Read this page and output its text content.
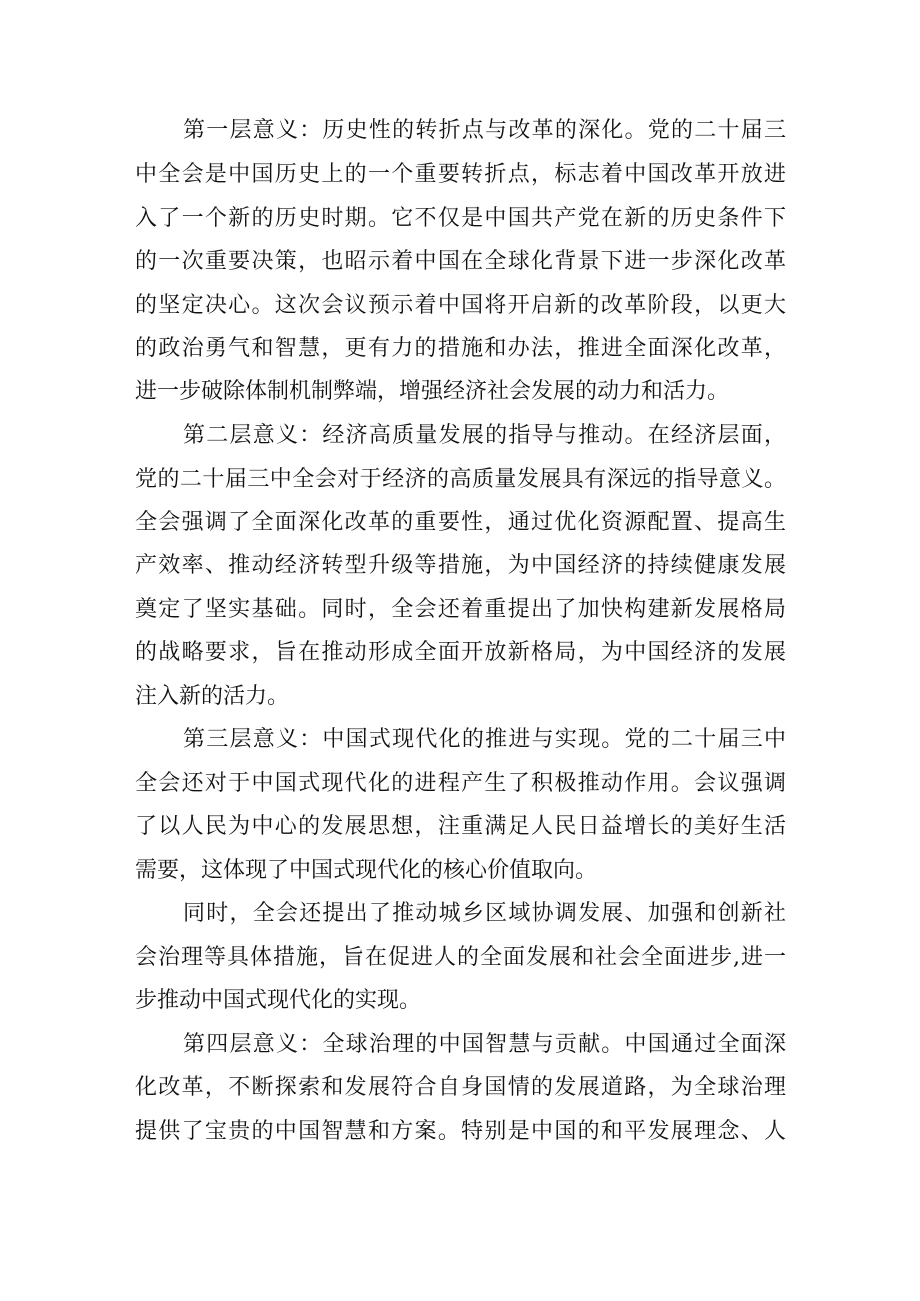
第一层意义：历史性的转折点与改革的深化。党的二十届三
中全会是中国历史上的一个重要转折点，标志着中国改革开放进
入了一个新的历史时期。它不仅是中国共产党在新的历史条件下
的一次重要决策，也昭示着中国在全球化背景下进一步深化改革
的坚定决心。这次会议预示着中国将开启新的改革阶段，以更大
的政治勇气和智慧，更有力的措施和办法，推进全面深化改革，
进一步破除体制机制弊端，增强经济社会发展的动力和活力。
第二层意义：经济高质量发展的指导与推动。在经济层面，
党的二十届三中全会对于经济的高质量发展具有深远的指导意义。
全会强调了全面深化改革的重要性，通过优化资源配置、提高生
产效率、推动经济转型升级等措施，为中国经济的持续健康发展
奠定了坚实基础。同时，全会还着重提出了加快构建新发展格局
的战略要求，旨在推动形成全面开放新格局，为中国经济的发展
注入新的活力。
第三层意义：中国式现代化的推进与实现。党的二十届三中
全会还对于中国式现代化的进程产生了积极推动作用。会议强调
了以人民为中心的发展思想，注重满足人民日益增长的美好生活
需要，这体现了中国式现代化的核心价值取向。
同时，全会还提出了推动城乡区域协调发展、加强和创新社
会治理等具体措施，旨在促进人的全面发展和社会全面进步,进一
步推动中国式现代化的实现。
第四层意义：全球治理的中国智慧与贡献。中国通过全面深
化改革，不断探索和发展符合自身国情的发展道路，为全球治理
提供了宝贵的中国智慧和方案。特别是中国的和平发展理念、人
